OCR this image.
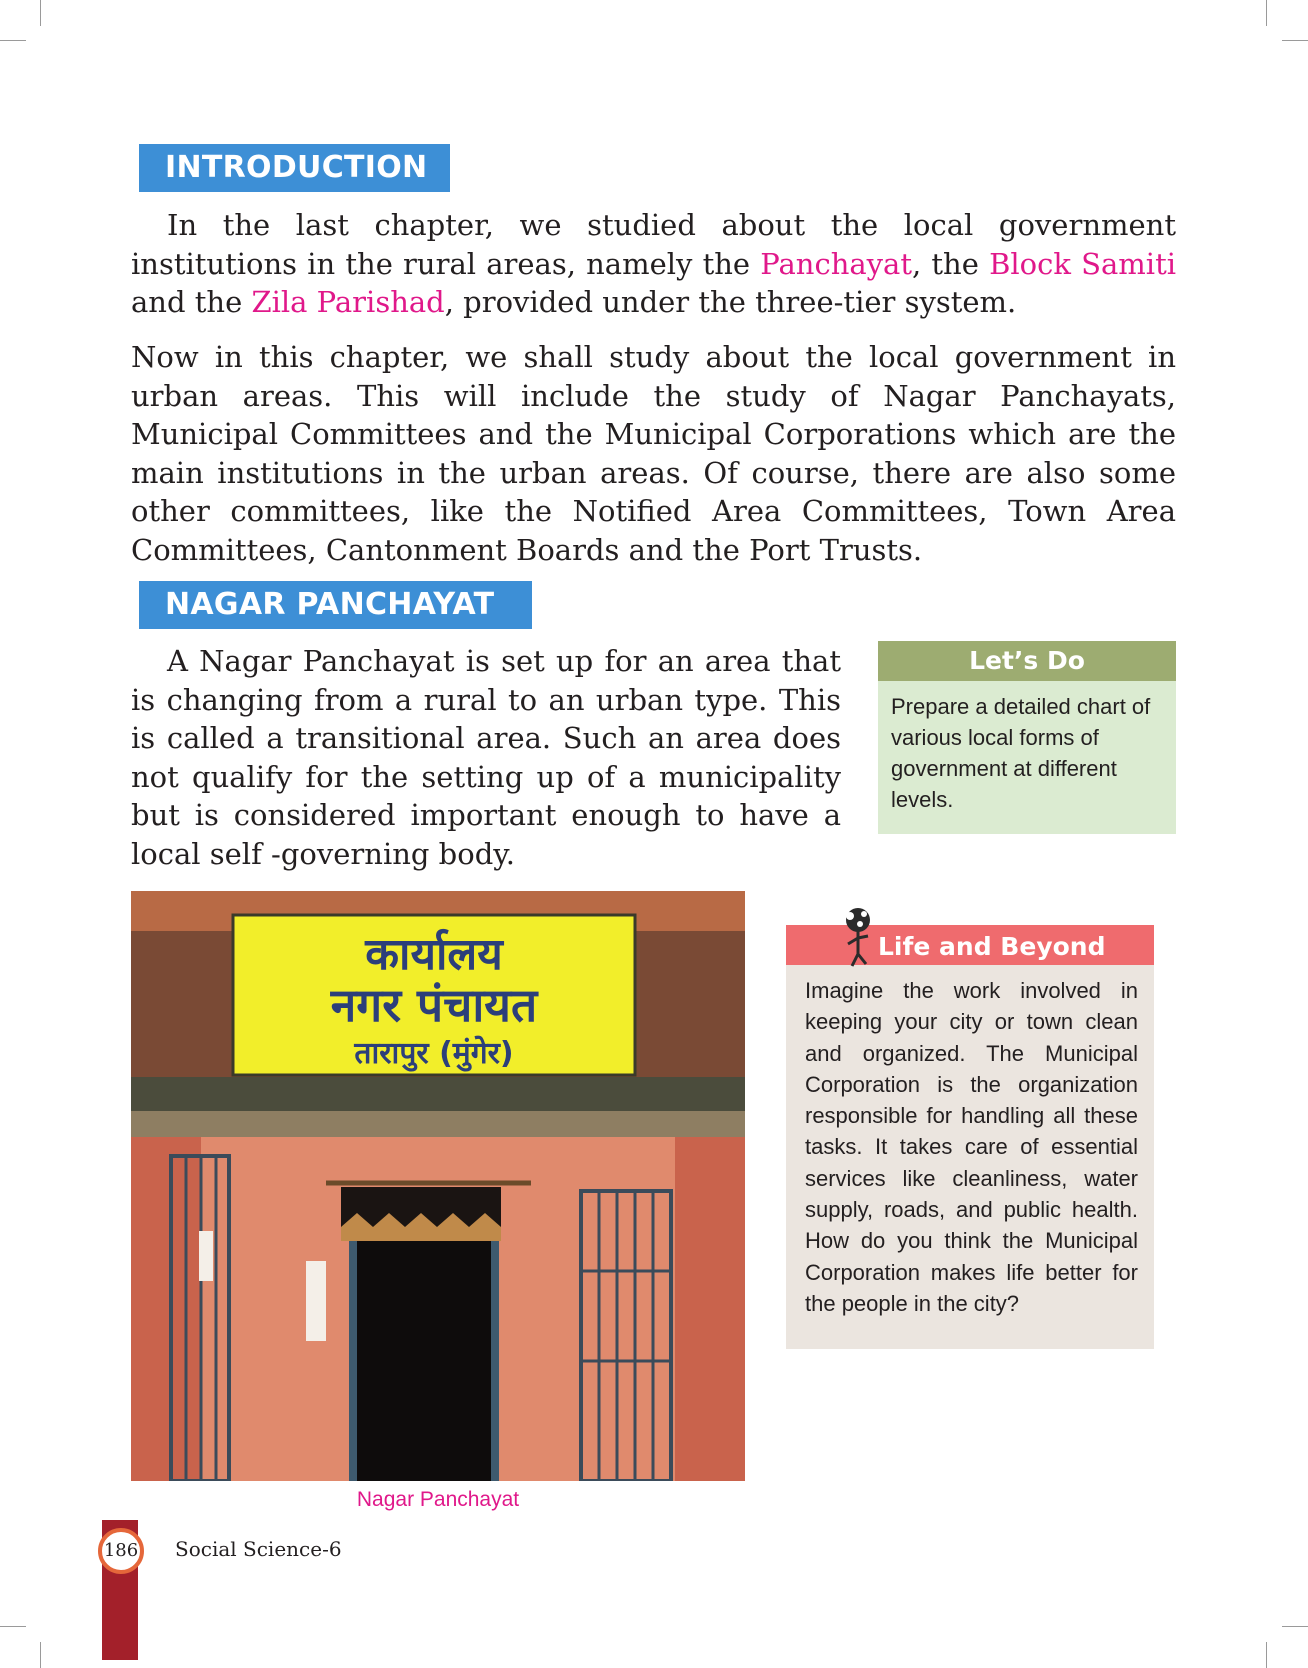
INTRODUCTION

In the last chapter, we studied about the local government institutions in the rural areas, namely the Panchayat, the Block Samiti and the Zila Parishad, provided under the three-tier system.

Now in this chapter, we shall study about the local government in urban areas. This will include the study of Nagar Panchayats, Municipal Committees and the Municipal Corporations which are the main institutions in the urban areas. Of course, there are also some other committees, like the Notified Area Committees, Town Area Committees, Cantonment Boards and the Port Trusts.

NAGAR PANCHAYAT

A Nagar Panchayat is set up for an area that is changing from a rural to an urban type. This is called a transitional area. Such an area does not qualify for the setting up of a municipality but is considered important enough to have a local self -governing body.

Let’s Do
Prepare a detailed chart of various local forms of government at different levels.
कार्यालय
नगर पंचायत
तारापुर (मुंगेर)
Nagar Panchayat
Life and Beyond
Imagine the work involved in keeping your city or town clean and organized. The Municipal Corporation is the organization responsible for handling all these tasks. It takes care of essential services like cleanliness, water supply, roads, and public health. How do you think the Municipal Corporation makes life better for the people in the city?
186 Social Science-6
